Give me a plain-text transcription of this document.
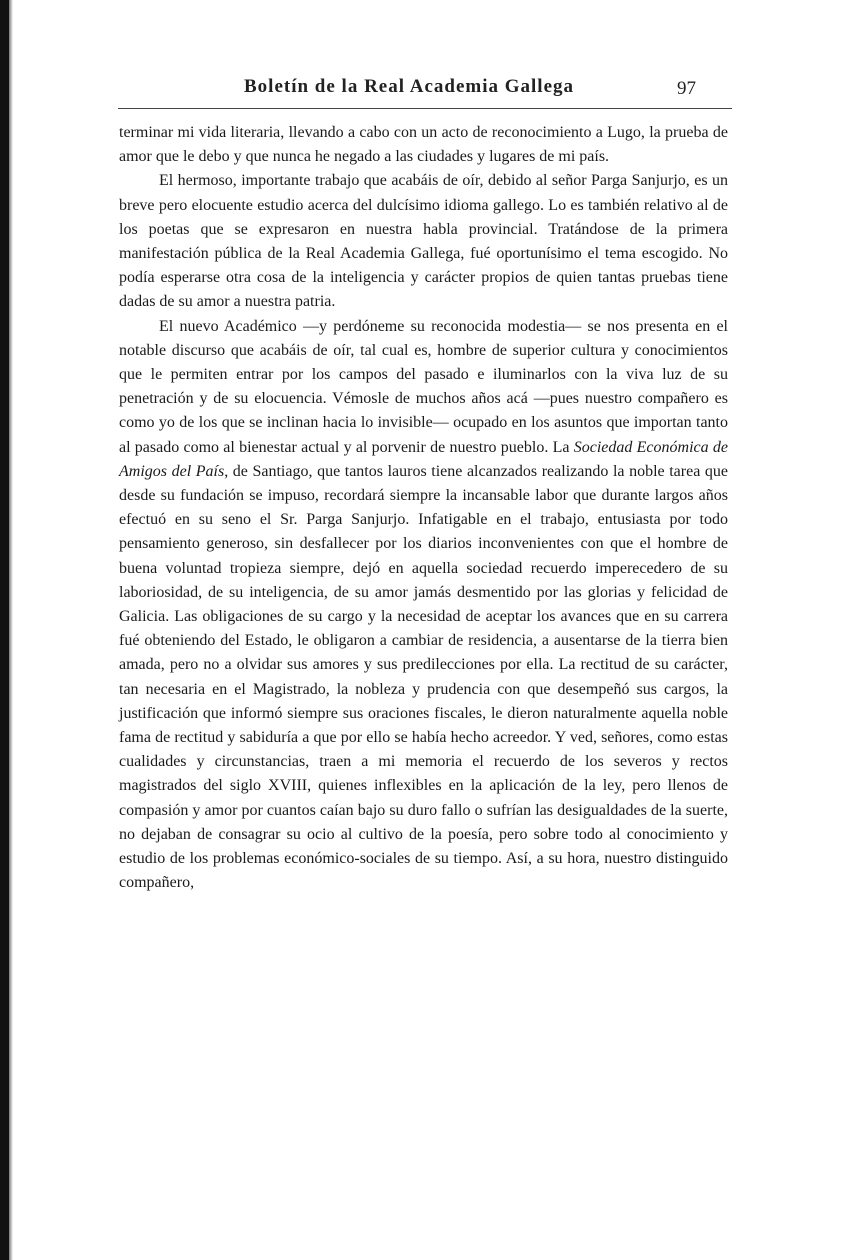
Boletín de la Real Academia Gallega	97

terminar mi vida literaria, llevando a cabo con un acto de reconocimiento a Lugo, la prueba de amor que le debo y que nunca he negado a las ciudades y lugares de mi país.

El hermoso, importante trabajo que acabáis de oír, debido al señor Parga Sanjurjo, es un breve pero elocuente estudio acerca del dulcísimo idioma gallego. Lo es también relativo al de los poetas que se expresaron en nuestra habla provincial. Tratándose de la primera manifestación pública de la Real Academia Gallega, fué oportunísimo el tema escogido. No podía esperarse otra cosa de la inteligencia y carácter propios de quien tantas pruebas tiene dadas de su amor a nuestra patria.

El nuevo Académico —y perdóneme su reconocida modestia— se nos presenta en el notable discurso que acabáis de oír, tal cual es, hombre de superior cultura y conocimientos que le permiten entrar por los campos del pasado e iluminarlos con la viva luz de su penetración y de su elocuencia. Vémosle de muchos años acá —pues nuestro compañero es como yo de los que se inclinan hacia lo invisible— ocupado en los asuntos que importan tanto al pasado como al bienestar actual y al porvenir de nuestro pueblo. La Sociedad Económica de Amigos del País, de Santiago, que tantos lauros tiene alcanzados realizando la noble tarea que desde su fundación se impuso, recordará siempre la incansable labor que durante largos años efectuó en su seno el Sr. Parga Sanjurjo. Infatigable en el trabajo, entusiasta por todo pensamiento generoso, sin desfallecer por los diarios inconvenientes con que el hombre de buena voluntad tropieza siempre, dejó en aquella sociedad recuerdo imperecedero de su laboriosidad, de su inteligencia, de su amor jamás desmentido por las glorias y felicidad de Galicia. Las obligaciones de su cargo y la necesidad de aceptar los avances que en su carrera fué obteniendo del Estado, le obligaron a cambiar de residencia, a ausentarse de la tierra bien amada, pero no a olvidar sus amores y sus predilecciones por ella. La rectitud de su carácter, tan necesaria en el Magistrado, la nobleza y prudencia con que desempeñó sus cargos, la justificación que informó siempre sus oraciones fiscales, le dieron naturalmente aquella noble fama de rectitud y sabiduría a que por ello se había hecho acreedor. Y ved, señores, como estas cualidades y circunstancias, traen a mi memoria el recuerdo de los severos y rectos magistrados del siglo XVIII, quienes inflexibles en la aplicación de la ley, pero llenos de compasión y amor por cuantos caían bajo su duro fallo o sufrían las desigualdades de la suerte, no dejaban de consagrar su ocio al cultivo de la poesía, pero sobre todo al conocimiento y estudio de los problemas económico-sociales de su tiempo. Así, a su hora, nuestro distinguido compañero,
